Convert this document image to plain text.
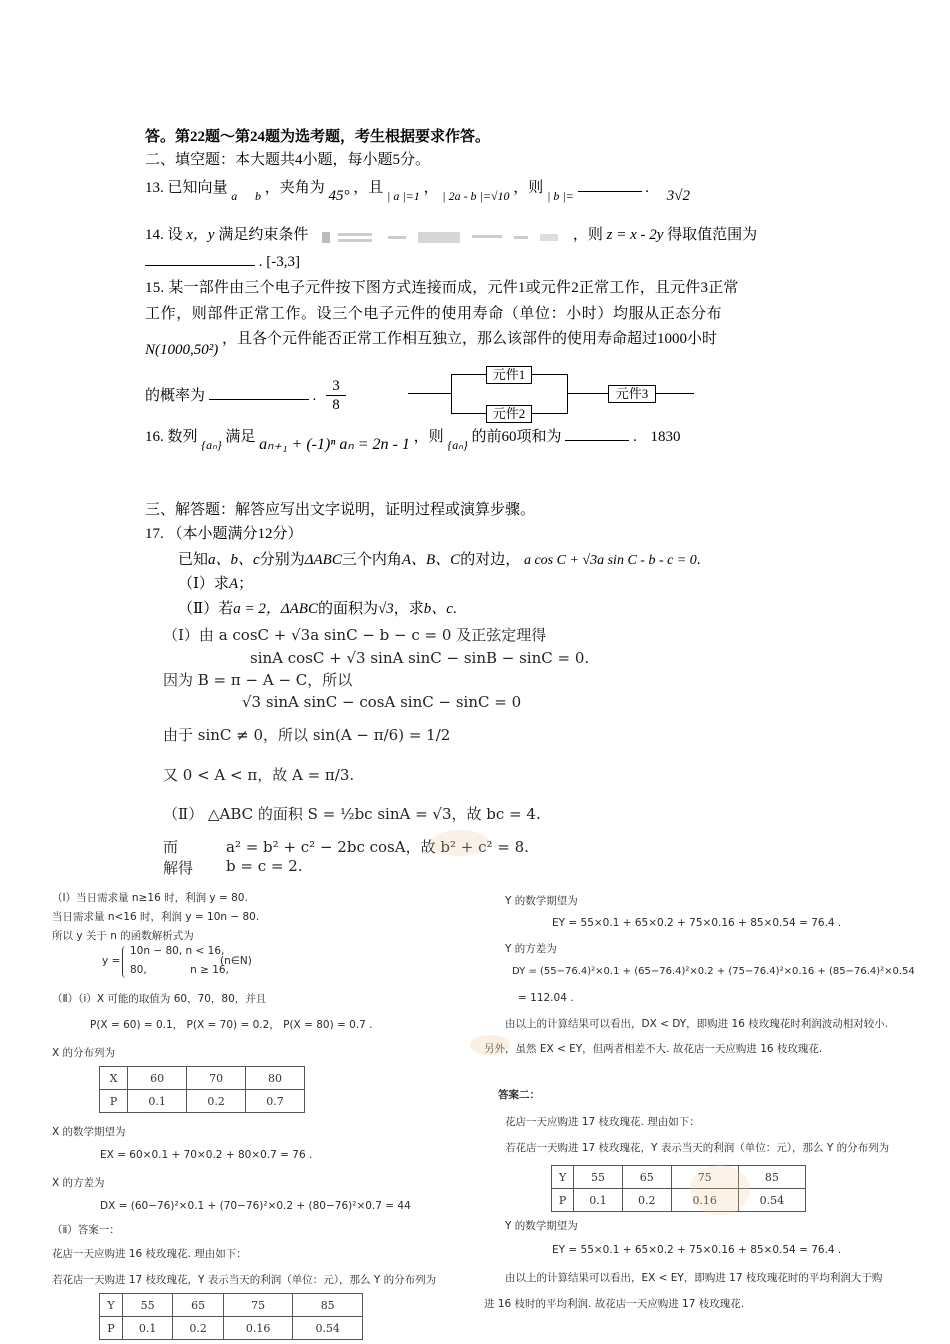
答。第22题～第24题为选考题，考生根据要求作答。
二、填空题：本大题共4小题，每小题5分。
13. 已知向量 $_a$ $_b$ ，夹角为 45° ，且 $_{| a |=1}$ ， $_{| 2a - b |=√10}$ ，则 $_{| b |=}$	. 3√2
14. 设 x，y 满足约束条件	，则 z = x - 2y 得取值范围为
. [-3,3]
15. 某一部件由三个电子元件按下图方式连接而成，元件1或元件2正常工作，且元件3正常
工作，则部件正常工作。设三个电子元件的使用寿命（单位：小时）均服从正态分布
N(1000,50²) ，且各个元件能否正常工作相互独立，那么该部件的使用寿命超过1000小时
的概率为	. $\frac{3}{8}$
元件1
元件2
元件3
16. 数列 $_{\{a_n\}}$ 满足 aₙ₊₁ + (-1)ⁿ aₙ = 2n - 1 ，则 $_{\{a_n\}}$ 的前60项和为	. 1830
三、解答题：解答应写出文字说明，证明过程或演算步骤。
17. （本小题满分12分）
已知a、b、c分别为ΔABC三个内角A、B、C的对边， a cos C + √3a sin C - b - c = 0.
（Ⅰ）求A；
（Ⅱ）若a = 2，ΔABC的面积为√3，求b、c.
（Ⅰ）由 a cosC + √3a sinC − b − c = 0 及正弦定理得
sinA cosC + √3 sinA sinC − sinB − sinC = 0.
因为 B = π − A − C，所以
√3 sinA sinC − cosA sinC − sinC = 0
由于 sinC ≠ 0，所以 sin(A − π/6) = 1/2
又 0 < A < π，故 A = π/3.
（Ⅱ） △ABC 的面积 S = ½bc sinA = √3，故 bc = 4.
而	a² = b² + c² − 2bc cosA，故 b² + c² = 8.
解得 b = c = 2.
（Ⅰ）当日需求量 n≥16 时，利润 y = 80.
当日需求量 n<16 时，利润 y = 10n − 80.
所以 y 关于 n 的函数解析式为
y =
10n − 80, n < 16,
80,             n ≥ 16,
(n∈N)
（Ⅱ）（ⅰ）X 可能的取值为 60，70，80，并且
P(X = 60) = 0.1， P(X = 70) = 0.2， P(X = 80) = 0.7 .
X 的分布列为
X	60	70	80
P	0.1	0.2	0.7
X 的数学期望为
EX = 60×0.1 + 70×0.2 + 80×0.7 = 76 .
X 的方差为
DX = (60−76)²×0.1 + (70−76)²×0.2 + (80−76)²×0.7 = 44
（ⅱ）答案一：
花店一天应购进 16 枝玫瑰花. 理由如下：
若花店一天购进 17 枝玫瑰花，Y 表示当天的利润（单位：元），那么 Y 的分布列为
Y	55	65	75	85
P	0.1	0.2	0.16	0.54
Y 的数学期望为
EY = 55×0.1 + 65×0.2 + 75×0.16 + 85×0.54 = 76.4 .
Y 的方差为
DY = (55−76.4)²×0.1 + (65−76.4)²×0.2 + (75−76.4)²×0.16 + (85−76.4)²×0.54
= 112.04 .
由以上的计算结果可以看出，DX < DY，即购进 16 枝玫瑰花时利润波动相对较小.
另外，虽然 EX < EY，但两者相差不大. 故花店一天应购进 16 枝玫瑰花.
答案二：
花店一天应购进 17 枝玫瑰花. 理由如下：
若花店一天购进 17 枝玫瑰花，Y 表示当天的利润（单位：元），那么 Y 的分布列为
Y	55	65	75	85
P	0.1	0.2	0.16	0.54
Y 的数学期望为
EY = 55×0.1 + 65×0.2 + 75×0.16 + 85×0.54 = 76.4 .
由以上的计算结果可以看出，EX < EY，即购进 17 枝玫瑰花时的平均利润大于购
进 16 枝时的平均利润. 故花店一天应购进 17 枝玫瑰花.
